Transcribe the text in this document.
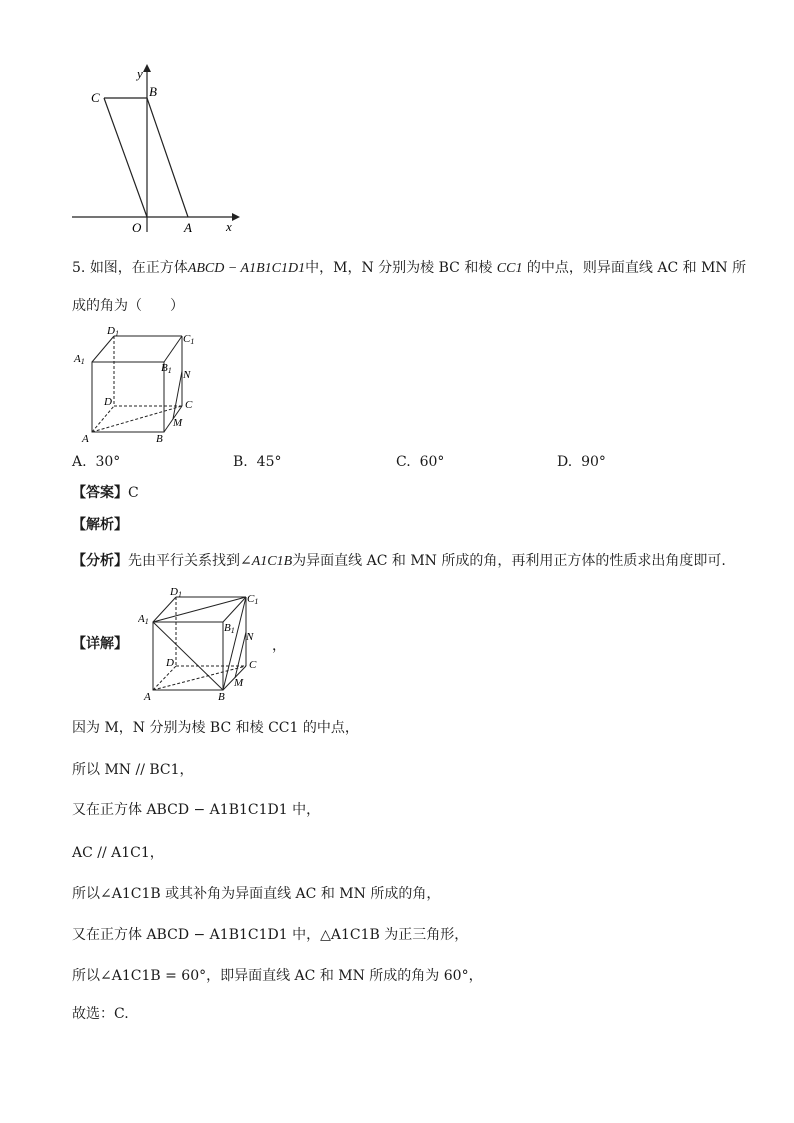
y
x
O	A
B
C
5. 如图，在正方体ABCD − A1B1C1D1中，M，N 分别为棱 BC 和棱 CC1 的中点，则异面直线 AC 和 MN 所
成的角为（　　）
D1	C1
A1
B1 N
D	C
A	B
M
A. 30°	B. 45°	C. 60°	D. 90°
【答案】C
【解析】
【分析】先由平行关系找到∠A1C1B为异面直线 AC 和 MN 所成的角，再利用正方体的性质求出角度即可.
【详解】
D1	C1
A1
B1
N
D	C
A	B
M
，
因为 M，N 分别为棱 BC 和棱 CC1 的中点，
所以 MN // BC1，
又在正方体 ABCD − A1B1C1D1 中，
AC // A1C1，
所以∠A1C1B 或其补角为异面直线 AC 和 MN 所成的角，
又在正方体 ABCD − A1B1C1D1 中，△A1C1B 为正三角形，
所以∠A1C1B = 60°，即异面直线 AC 和 MN 所成的角为 60°，
故选：C.
